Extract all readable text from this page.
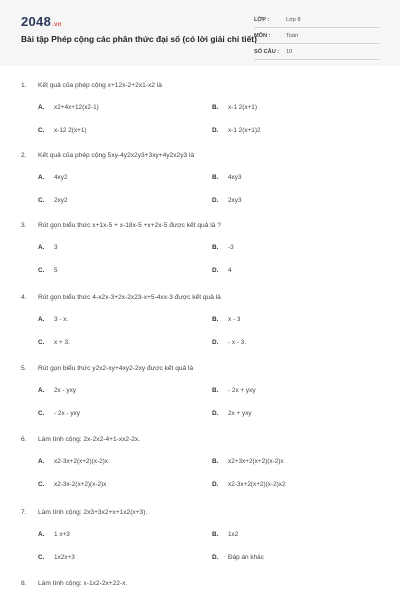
2048.vn
Bài tập Phép cộng các phân thức đại số (có lời giải chi tiết)
LỚP :	Lớp 8
MÔN :	Toán
SỐ CÂU : 10
1. Kết quả của phép cộng x+12x-2+2x1-x2 là
A. x2+4x+12(x2-1)	B. x-1 2(x+1)
C. x-12 2(x+1)	D. x-1 2(x+1)2
2. Kết quả của phép cộng 5xy-4y2x2y3+3xy+4y2x2y3 là
A. 4xy2	B. 4xy3
C. 2xy2	D. 2xy3
3. Rút gọn biểu thức x+1x-5 + x-18x-5 +x+2x-5 được kết quả là ?
A. 3	B. -3
C. 5	D. 4
4. Rút gọn biểu thức 4-x2x-3+2x-2x23-x+5-4xx-3 được kết quả là
A. 3 - x.	B. x - 3
C. x + 3.	D. - x - 3.
5. Rút gọn biểu thức y2x2-xy+4xy2-2xy được kết quả là
A. 2x - yxy	B. - 2x + yxy
C. - 2x - yxy	D. 2x + yxy
6. Làm tính cộng: 2x-2x2-4+1-xx2-2x.
A. x2-3x+2(x+2)(x-2)x	B. x2+3x+2(x+2)(x-2)x
C. x2-3x-2(x+2)(x-2)x	D. x2-3x+2(x+2)(x-2)x2
7. Làm tính cộng: 2x3+3x2+x+1x2(x+3).
A. 1 x+3	B. 1x2
C. 1x2x+3	D. Đáp án khác
8. Làm tính cộng: x-1x2-2x+22-x.
